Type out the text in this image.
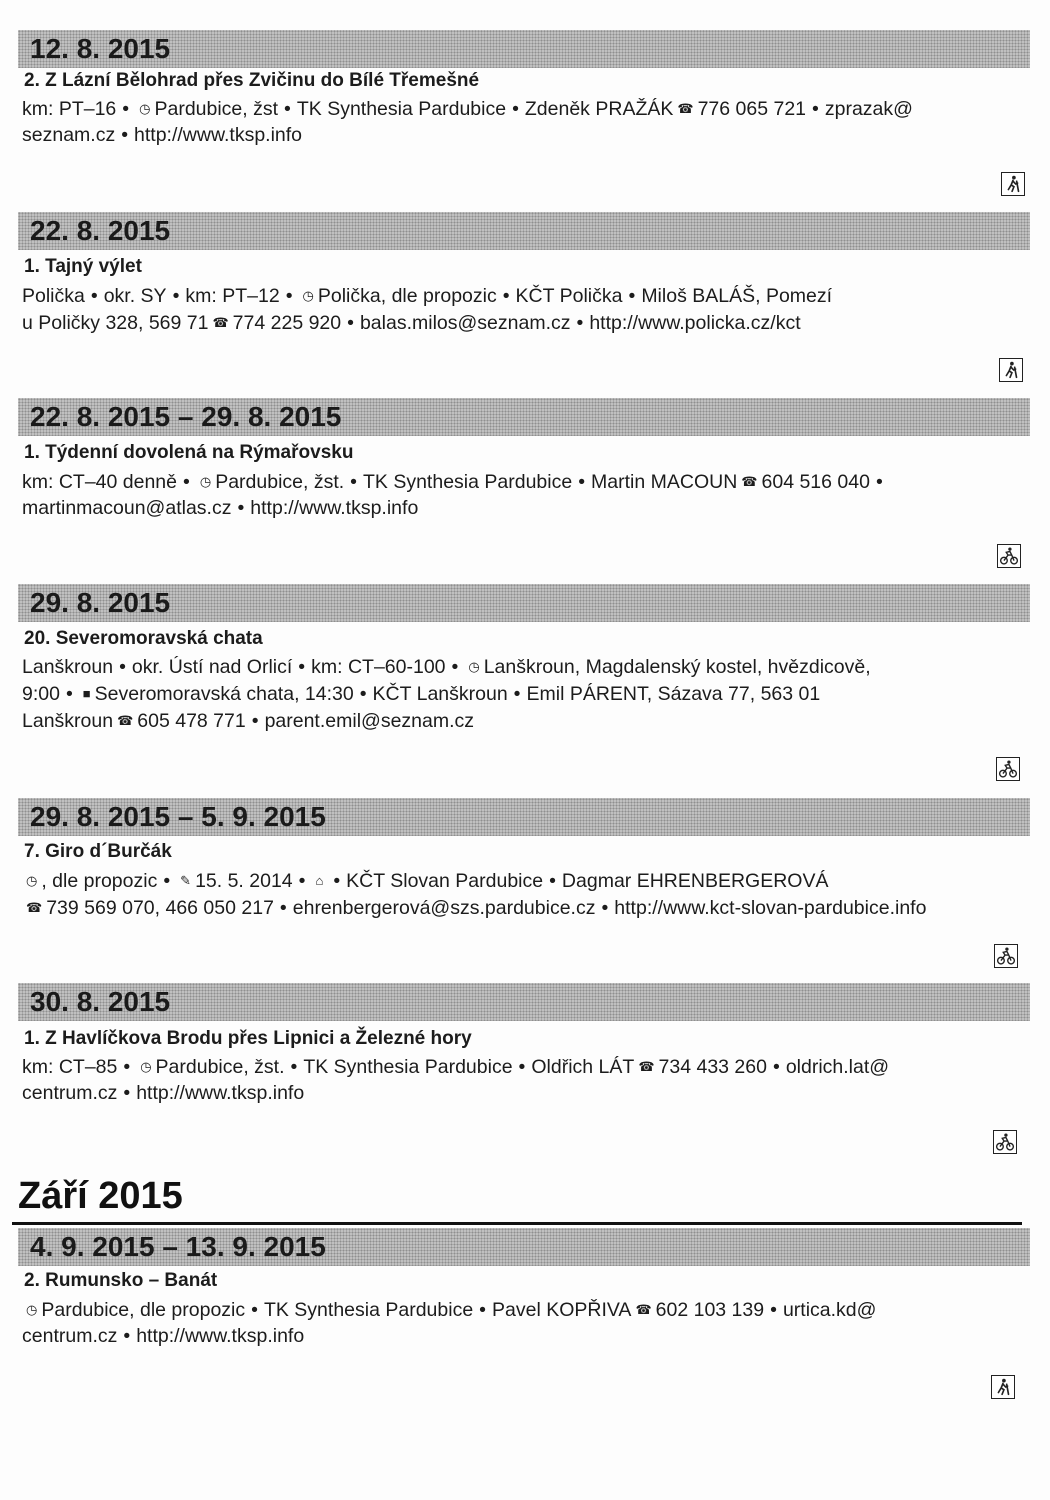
12. 8. 2015
2. Z Lázní Bělohrad přes Zvičinu do Bílé Třemešné
km: PT–16 • ◷ Pardubice, žst • TK Synthesia Pardubice • Zdeněk PRAŽÁK ☎ 776 065 721 • zprazak@
seznam.cz • http://www.tksp.info
22. 8. 2015
1. Tajný výlet
Polička • okr. SY • km: PT–12 • ◷ Polička, dle propozic • KČT Polička • Miloš BALÁŠ, Pomezí
u Poličky 328, 569 71 ☎ 774 225 920 • balas.milos@seznam.cz • http://www.policka.cz/kct
22. 8. 2015 – 29. 8. 2015
1. Týdenní dovolená na Rýmařovsku
km: CT–40 denně • ◷ Pardubice, žst. • TK Synthesia Pardubice • Martin MACOUN ☎ 604 516 040 •
martinmacoun@atlas.cz • http://www.tksp.info
29. 8. 2015
20. Severomoravská chata
Lanškroun • okr. Ústí nad Orlicí • km: CT–60-100 • ◷ Lanškroun, Magdalenský kostel, hvězdicově,
9:00 • ■ Severomoravská chata, 14:30 • KČT Lanškroun • Emil PÁRENT, Sázava 77, 563 01
Lanškroun ☎ 605 478 771 • parent.emil@seznam.cz
29. 8. 2015 – 5. 9. 2015
7. Giro d´Burčák
◷ , dle propozic • ✎ 15. 5. 2014 • ⌂ • KČT Slovan Pardubice • Dagmar EHRENBERGEROVÁ
☎ 739 569 070, 466 050 217 • ehrenbergerová@szs.pardubice.cz • http://www.kct-slovan-pardubice.info
30. 8. 2015
1. Z Havlíčkova Brodu přes Lipnici a Železné hory
km: CT–85 • ◷ Pardubice, žst. • TK Synthesia Pardubice • Oldřich LÁT ☎ 734 433 260 • oldrich.lat@
centrum.cz • http://www.tksp.info
Září 2015
4. 9. 2015 – 13. 9. 2015
2. Rumunsko – Banát
◷ Pardubice, dle propozic • TK Synthesia Pardubice • Pavel KOPŘIVA ☎ 602 103 139 • urtica.kd@
centrum.cz • http://www.tksp.info
